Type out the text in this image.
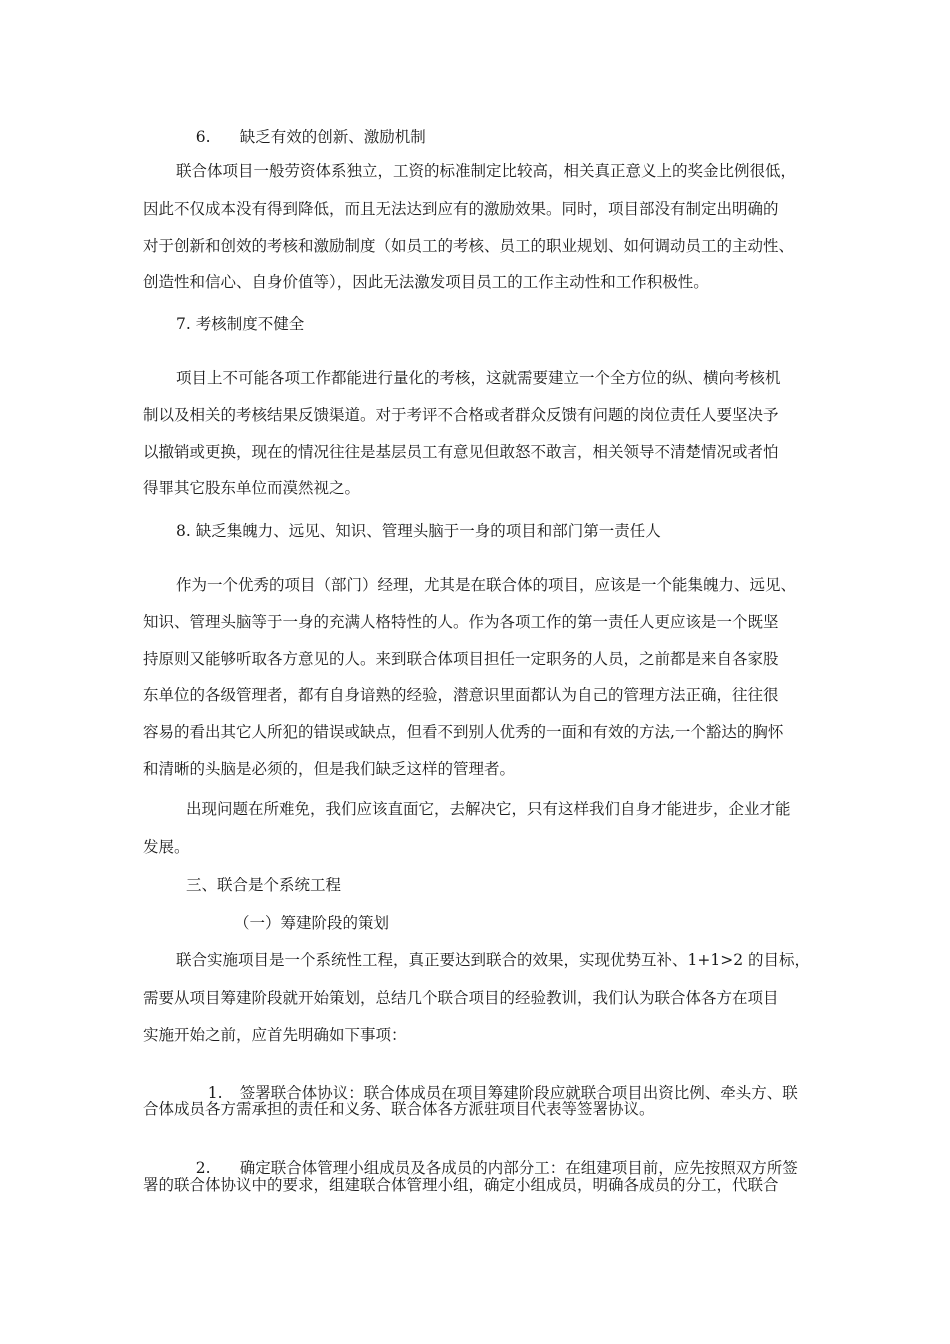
6. 缺乏有效的创新、激励机制

联合体项目一般劳资体系独立，工资的标准制定比较高，相关真正意义上的奖金比例很低，
因此不仅成本没有得到降低，而且无法达到应有的激励效果。同时，项目部没有制定出明确的
对于创新和创效的考核和激励制度（如员工的考核、员工的职业规划、如何调动员工的主动性、
创造性和信心、自身价值等），因此无法激发项目员工的工作主动性和工作积极性。
7. 考核制度不健全
项目上不可能各项工作都能进行量化的考核，这就需要建立一个全方位的纵、横向考核机
制以及相关的考核结果反馈渠道。对于考评不合格或者群众反馈有问题的岗位责任人要坚决予
以撤销或更换，现在的情况往往是基层员工有意见但敢怒不敢言，相关领导不清楚情况或者怕
得罪其它股东单位而漠然视之。
8. 缺乏集魄力、远见、知识、管理头脑于一身的项目和部门第一责任人
作为一个优秀的项目（部门）经理，尤其是在联合体的项目，应该是一个能集魄力、远见、
知识、管理头脑等于一身的充满人格特性的人。作为各项工作的第一责任人更应该是一个既坚
持原则又能够听取各方意见的人。来到联合体项目担任一定职务的人员，之前都是来自各家股
东单位的各级管理者，都有自身谙熟的经验，潜意识里面都认为自己的管理方法正确，往往很
容易的看出其它人所犯的错误或缺点，但看不到别人优秀的一面和有效的方法,一个豁达的胸怀
和清晰的头脑是必须的，但是我们缺乏这样的管理者。
出现问题在所难免，我们应该直面它，去解决它，只有这样我们自身才能进步，企业才能
发展。
三、联合是个系统工程
（一）筹建阶段的策划
联合实施项目是一个系统性工程，真正要达到联合的效果，实现优势互补、1+1>2 的目标，
需要从项目筹建阶段就开始策划，总结几个联合项目的经验教训，我们认为联合体各方在项目
实施开始之前，应首先明确如下事项：

1. 签署联合体协议：联合体成员在项目筹建阶段应就联合项目出资比例、牵头方、联

合体成员各方需承担的责任和义务、联合体各方派驻项目代表等签署协议。

2. 确定联合体管理小组成员及各成员的内部分工：在组建项目前，应先按照双方所签

署的联合体协议中的要求，组建联合体管理小组，确定小组成员，明确各成员的分工，代联合
